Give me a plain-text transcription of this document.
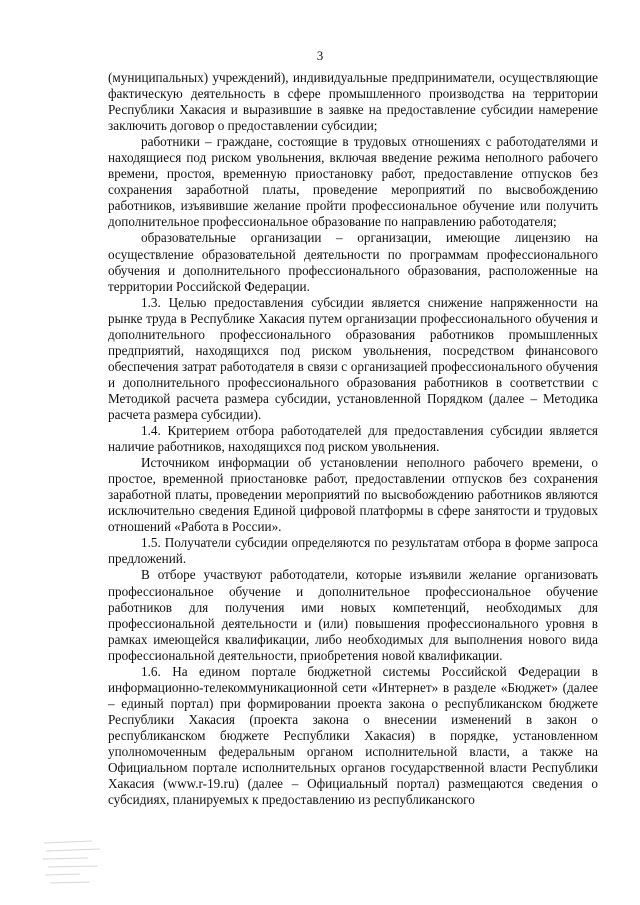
3

(муниципальных) учреждений), индивидуальные предприниматели, осуществляющие фактическую деятельность в сфере промышленного производства на территории Республики Хакасия и выразившие в заявке на предоставление субсидии намерение заключить договор о предоставлении субсидии;

работники – граждане, состоящие в трудовых отношениях с работодателями и находящиеся под риском увольнения, включая введение режима неполного рабочего времени, простоя, временную приостановку работ, предоставление отпусков без сохранения заработной платы, проведение мероприятий по высвобождению работников, изъявившие желание пройти профессиональное обучение или получить дополнительное профессиональное образование по направлению работодателя;

образовательные организации – организации, имеющие лицензию на осуществление образовательной деятельности по программам профессионального обучения и дополнительного профессионального образования, расположенные на территории Российской Федерации.

1.3. Целью предоставления субсидии является снижение напряженности на рынке труда в Республике Хакасия путем организации профессионального обучения и дополнительного профессионального образования работников промышленных предприятий, находящихся под риском увольнения, посредством финансового обеспечения затрат работодателя в связи с организацией профессионального обучения и дополнительного профессионального образования работников в соответствии с Методикой расчета размера субсидии, установленной Порядком (далее – Методика расчета размера субсидии).

1.4. Критерием отбора работодателей для предоставления субсидии является наличие работников, находящихся под риском увольнения.

Источником информации об установлении неполного рабочего времени, о простое, временной приостановке работ, предоставлении отпусков без сохранения заработной платы, проведении мероприятий по высвобождению работников являются исключительно сведения Единой цифровой платформы в сфере занятости и трудовых отношений «Работа в России».

1.5. Получатели субсидии определяются по результатам отбора в форме запроса предложений.

В отборе участвуют работодатели, которые изъявили желание организовать профессиональное обучение и дополнительное профессиональное обучение работников для получения ими новых компетенций, необходимых для профессиональной деятельности и (или) повышения профессионального уровня в рамках имеющейся квалификации, либо необходимых для выполнения нового вида профессиональной деятельности, приобретения новой квалификации.

1.6. На едином портале бюджетной системы Российской Федерации в информационно-телекоммуникационной сети «Интернет» в разделе «Бюджет» (далее – единый портал) при формировании проекта закона о республиканском бюджете Республики Хакасия (проекта закона о внесении изменений в закон о республиканском бюджете Республики Хакасия) в порядке, установленном уполномоченным федеральным органом исполнительной власти, а также на Официальном портале исполнительных органов государственной власти Республики Хакасия (www.r-19.ru) (далее – Официальный портал) размещаются сведения о субсидиях, планируемых к предоставлению из республиканского
